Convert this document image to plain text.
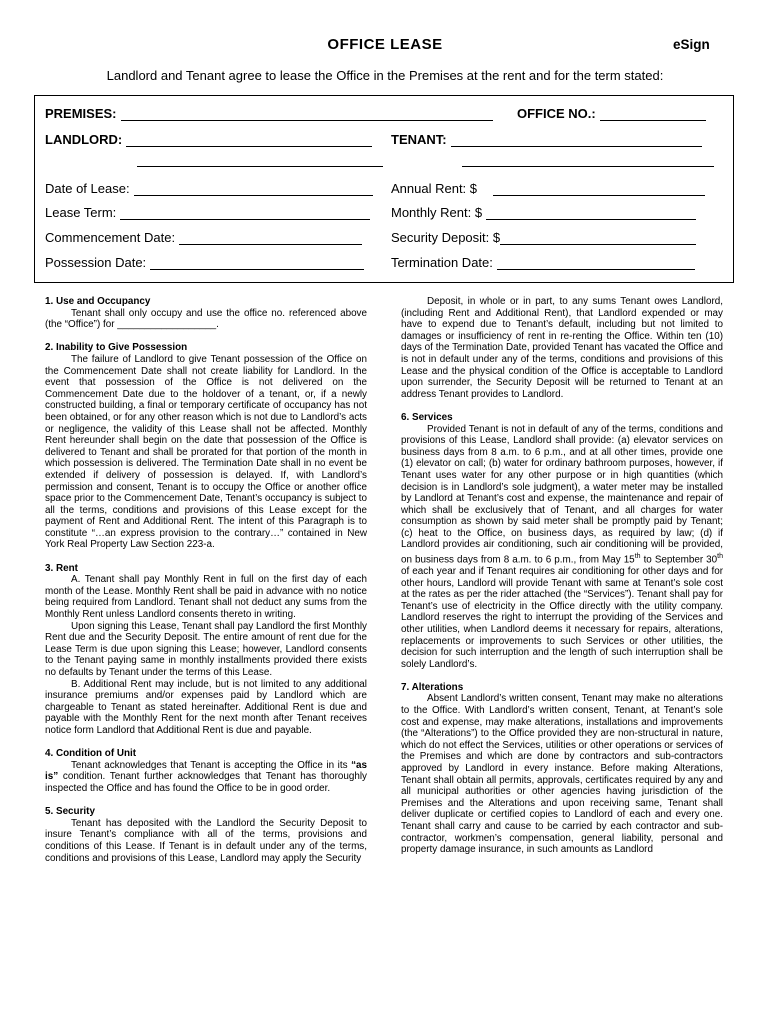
OFFICE LEASE	eSign
Landlord and Tenant agree to lease the Office in the Premises at the rent and for the term stated:
PREMISES:	OFFICE NO.:
LANDLORD:	TENANT:
Date of Lease:	Annual Rent: $
Lease Term:	Monthly Rent: $
Commencement Date:	Security Deposit: $
Possession Date:	Termination Date:
1. Use and Occupancy

Tenant shall only occupy and use the office no. referenced above (the “Office”) for __________________.

2. Inability to Give Possession

The failure of Landlord to give Tenant possession of the Office on the Commencement Date shall not create liability for Landlord. In the event that possession of the Office is not delivered on the Commencement Date due to the holdover of a tenant, or, if a newly constructed building, a final or temporary certificate of occupancy has not been obtained, or for any other reason which is not due to Landlord’s acts or negligence, the validity of this Lease shall not be affected. Monthly Rent hereunder shall begin on the date that possession of the Office is delivered to Tenant and shall be prorated for that portion of the month in which possession is delivered. The Termination Date shall in no event be extended if delivery of possession is delayed. If, with Landlord’s permission and consent, Tenant is to occupy the Office or another office space prior to the Commencement Date, Tenant’s occupancy is subject to all the terms, conditions and provisions of this Lease except for the payment of Rent and Additional Rent. The intent of this Paragraph is to constitute “…an express provision to the contrary…” contained in New York Real Property Law Section 223-a.

3. Rent

A. Tenant shall pay Monthly Rent in full on the first day of each month of the Lease. Monthly Rent shall be paid in advance with no notice being required from Landlord. Tenant shall not deduct any sums from the Monthly Rent unless Landlord consents thereto in writing.

Upon signing this Lease, Tenant shall pay Landlord the first Monthly Rent due and the Security Deposit. The entire amount of rent due for the Lease Term is due upon signing this Lease; however, Landlord consents to the Tenant paying same in monthly installments provided there exists no defaults by Tenant under the terms of this Lease.

B. Additional Rent may include, but is not limited to any additional insurance premiums and/or expenses paid by Landlord which are chargeable to Tenant as stated hereinafter. Additional Rent is due and payable with the Monthly Rent for the next month after Tenant receives notice form Landlord that Additional Rent is due and payable.

4. Condition of Unit

Tenant acknowledges that Tenant is accepting the Office in its “as is” condition. Tenant further acknowledges that Tenant has thoroughly inspected the Office and has found the Office to be in good order.

5. Security

Tenant has deposited with the Landlord the Security Deposit to insure Tenant’s compliance with all of the terms, provisions and conditions of this Lease. If Tenant is in default under any of the terms, conditions and provisions of this Lease, Landlord may apply the Security

Deposit, in whole or in part, to any sums Tenant owes Landlord, (including Rent and Additional Rent), that Landlord expended or may have to expend due to Tenant’s default, including but not limited to damages or insufficiency of rent in re-renting the Office. Within ten (10) days of the Termination Date, provided Tenant has vacated the Office and is not in default under any of the terms, conditions and provisions of this Lease and the physical condition of the Office is acceptable to Landlord upon surrender, the Security Deposit will be returned to Tenant at an address Tenant provides to Landlord.

6. Services

Provided Tenant is not in default of any of the terms, conditions and provisions of this Lease, Landlord shall provide: (a) elevator services on business days from 8 a.m. to 6 p.m., and at all other times, provide one (1) elevator on call; (b) water for ordinary bathroom purposes, however, if Tenant uses water for any other purpose or in high quantities (which decision is in Landlord’s sole judgment), a water meter may be installed by Landlord at Tenant’s cost and expense, the maintenance and repair of which shall be exclusively that of Tenant, and all charges for water consumption as shown by said meter shall be promptly paid by Tenant; (c) heat to the Office, on business days, as required by law; (d) if Landlord provides air conditioning, such air conditioning will be provided, on business days from 8 a.m. to 6 p.m., from May 15th to September 30th of each year and if Tenant requires air conditioning for other days and for other hours, Landlord will provide Tenant with same at Tenant’s sole cost at the rates as per the rider attached (the “Services”). Tenant shall pay for Tenant’s use of electricity in the Office directly with the utility company. Landlord reserves the right to interrupt the providing of the Services and other utilities, when Landlord deems it necessary for repairs, alterations, replacements or improvements to such Services or other utilities, the decision for such interruption and the length of such interruption shall be solely Landlord’s.

7. Alterations

Absent Landlord’s written consent, Tenant may make no alterations to the Office. With Landlord’s written consent, Tenant, at Tenant’s sole cost and expense, may make alterations, installations and improvements (the “Alterations”) to the Office provided they are non-structural in nature, which do not effect the Services, utilities or other operations or services of the Premises and which are done by contractors and sub-contractors approved by Landlord in every instance. Before making Alterations, Tenant shall obtain all permits, approvals, certificates required by any and all municipal authorities or other agencies having jurisdiction of the Premises and the Alterations and upon receiving same, Tenant shall deliver duplicate or certified copies to Landlord of each and every one. Tenant shall carry and cause to be carried by each contractor and sub-contractor, workmen’s compensation, general liability, personal and property damage insurance, in such amounts as Landlord
